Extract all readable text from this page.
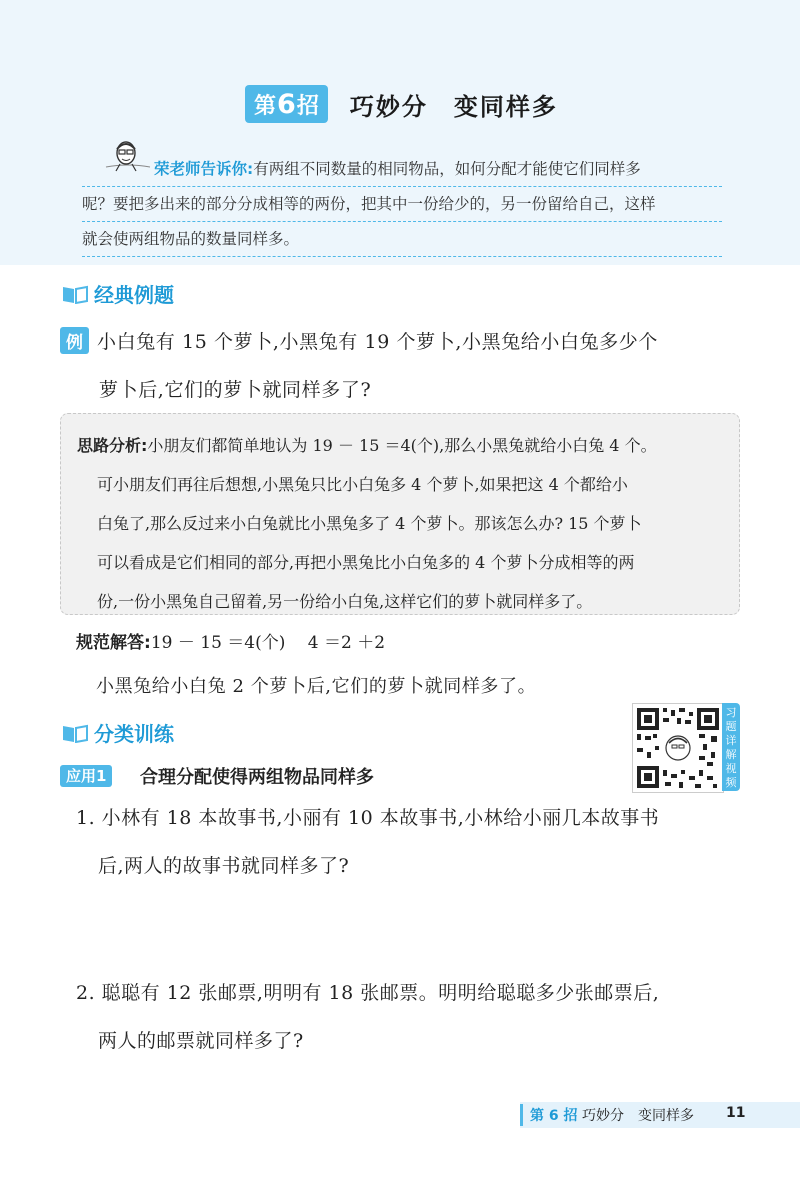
第 6 招 巧妙分　变同样多
荣老师告诉你:有两组不同数量的相同物品，如何分配才能使它们同样多
呢？要把多出来的部分分成相等的两份，把其中一份给少的，另一份留给自己，这样
就会使两组物品的数量同样多。
经典例题
例 小白兔有 15 个萝卜,小黑兔有 19 个萝卜,小黑兔给小白兔多少个
萝卜后,它们的萝卜就同样多了?
思路分析:小朋友们都简单地认为 19 － 15 ＝4(个),那么小黑兔就给小白兔 4 个。
可小朋友们再往后想想,小黑兔只比小白兔多 4 个萝卜,如果把这 4 个都给小
白兔了,那么反过来小白兔就比小黑兔多了 4 个萝卜。那该怎么办? 15 个萝卜
可以看成是它们相同的部分,再把小黑兔比小白兔多的 4 个萝卜分成相等的两
份,一份小黑兔自己留着,另一份给小白兔,这样它们的萝卜就同样多了。
规范解答:19 － 15 ＝4(个)　 4 ＝2 ＋2
小黑兔给小白兔 2 个萝卜后,它们的萝卜就同样多了。
分类训练
习题详解视频
应用1	合理分配使得两组物品同样多
1. 小林有 18 本故事书,小丽有 10 本故事书,小林给小丽几本故事书
后,两人的故事书就同样多了?
2. 聪聪有 12 张邮票,明明有 18 张邮票。明明给聪聪多少张邮票后,
两人的邮票就同样多了?
第 6 招 巧妙分　变同样多 11
